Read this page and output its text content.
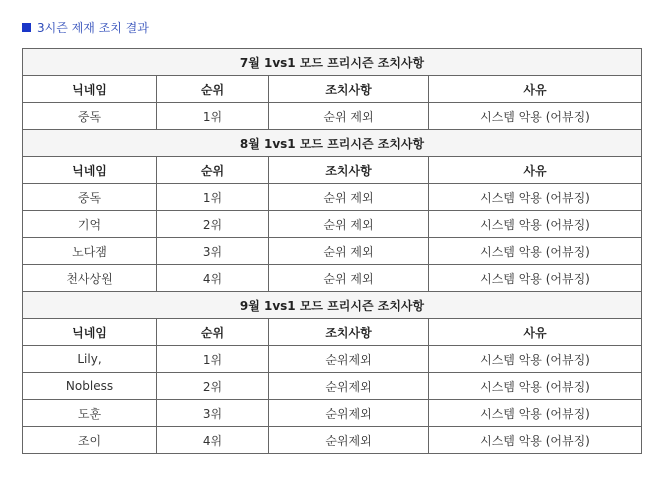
3시즌 제재 조치 결과
7월 1vs1 모드 프리시즌 조치사항			
닉네임	순위	조치사항	사유
중독	1위	순위 제외	시스템 악용 (어뷰징)
8월 1vs1 모드 프리시즌 조치사항			
닉네임	순위	조치사항	사유
중독	1위	순위 제외	시스템 악용 (어뷰징)
기억	2위	순위 제외	시스템 악용 (어뷰징)
노다잼	3위	순위 제외	시스템 악용 (어뷰징)
천사상원	4위	순위 제외	시스템 악용 (어뷰징)
9월 1vs1 모드 프리시즌 조치사항			
닉네임	순위	조치사항	사유
Lily,	1위	순위제외	시스템 악용 (어뷰징)
Nobless	2위	순위제외	시스템 악용 (어뷰징)
도훈	3위	순위제외	시스템 악용 (어뷰징)
조이	4위	순위제외	시스템 악용 (어뷰징)
